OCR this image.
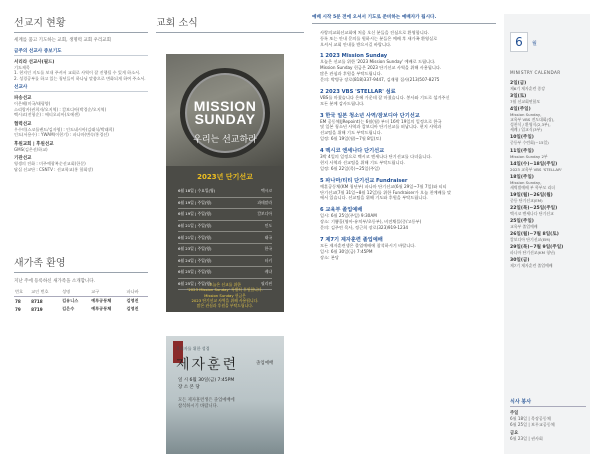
선교지 현황
세계를 품고 기도하는 교회, 생명력 교회 우리교회
금주의 선교사 중보기도
서리라 선교사(필드)
기도제목
1. 현지인 지도를 보내 주셔서 교회로 사역이 잘 진행될 수 있게 하소서.
2. 성경공부를 하고 있는 청년들이 하나님 말씀으로 변화되게 하여 주소서.
선교사
파송선교
이은혜(미국/태평양)
스리랑카(권희자/오지역) : 캄보디아(박경순/오지역)
멕시코(전형순) : 에티오피아(오에센)
협력선교
우수미(스코틀랜드/김자영) : 인도네시아(김래식/박래희)
인도(서용수) : YWAM(이현기) : 파나마(변숙/홍경선)
후원교회 | 후원선교
GMS(김은선/하교)
기관선교
영생의 전화 : 미주예광복순선교회(한문)
답십 선교단 : CSNTV : 선교학교(홍 합회장)
새가족 환영
지난 주에 등록하신 새가족을 소개합니다.
번호	교인 번호	성명	교구	파나바
78	8718	김유니스	예루공동체	김영진
79	8719	김은수	예루공동체	김영진
교회 소식
MISSION
SUNDAY
우리는 선교하라
2023년 단기선교
6월 18일 | 수요일(영)	멕시코
6월 19일 | 주일(영)	과테말라
6월 19일 | 주일(영)	캄보디아
6월 21일 | 주일(영)	인도
6월 21일 | 주일(영)	태국
6월 23일 | 주일(영)	한국
6월 24일 | 주일(영)	터키
6월 25일 | 주일(영)	케냐
6월 25일 | 주일(영)	필리핀
오늘은 선교를 위한
'2023 Mission Sunday' 특별히 후원합니다.
Mission Sunday 헌금은
2023 단기선교 사역을 위해 사용됩니다.
많은 관심과 후원을 부탁드립니다.
목회자를 위한 성경
제자훈련	졸업예배
일 시 6월 30일(금) 7:45PM
장 소 본 당
모든 제자훈련생은 졸업예배에
참석하시기 바랍니다.
예배 시작 5분 전에 오셔서 기도로 준비하는 예배자가 됩시다.
사랑의교회선교회에 처음 오신 분들을 진심으로 환영합니다.
등록 또는 안내 문의를 원하시는 분들은 예배 후 새가족 환영실로
오셔서 교회 안내를 받으시길 바랍니다.
1 2023 Mission Sunday
오늘은 선교를 위한 '2023 Mission Sunday' 예배로 드립니다.
Mission Sunday 헌금은 2023 단기선교 사역을 위해 사용됩니다.
많은 관심과 후원을 부탁드립니다.
문의: 박병규 장로(818)337-9447, 김재형 집사(213)507-8275
2 2023 VBS 'STELLAR' 섬료
VBS를 마쳤습니다 은혜 가운데 잘 마쳤습니다. 봉사와 기도로 섬겨주신
모든 분께 감사드립니다.
3 한국 일본 청소년 사역/잠보디아 단기선교
EM 공동체(JRepoint)는 6월(월) 부터 16박 19일의 일정으로 한국
및 일본 청소년 사역과 캄보디아 단기선교를 떠납니다. 현지 사역과
선교팀을 위해 기도 부탁드립니다.
일정: 6월 19일(월)~7월 8일(토)
4 멕시코 엔세나다 단기선교
3박 4일의 일정으로 멕시코 엔세나다 단기선교를 다녀옵니다.
현지 사역과 선교팀을 위해 기도 부탁드립니다.
일정: 6월 22일(목)~25일(주일)
5 파나마/티티 단기선교 Fundraiser
예훈공동체(KM 청년부) 파나마 단기선교(6월 29일~7월 7일)와 티티
단기선교(7월 31일~8월 12일)를 위한 Fundraiser가 오늘 친예배를 맞
에서 있습니다. 선교팀을 위해 기도와 후원을 부탁드립니다.
6 교육부 졸업예배
일시: 6월 25일(주일) 9:30AM
장소: 기쁨홀(영아-유치부/초등부), 비전채플(중/고등부)
문의: 김주연 목사, 정근희 장로(323)919-1234
7 제7기 제자훈련 졸업예배
모든 제자훈련생은 졸업예배에 참석하시기 바랍니다.
일시: 6월 30일(금) 7:45PM
장소: 본당
6	월
MINISTRY CALENDAR
2일(금)
제6기 제자훈련 종강
3일(토)
7월 선교회연합모
4일(주일)
Mission Sunday,
교육부 VBS 전도대회(장),
성찬식 / 환영식(2,3부),
세례 / 입교식(3부)
10일(주일)
중등부 수련회(~15일)
11일(주일)
Mission Sunday 2부
14일(수)~18일(주일)
2023 교육부 VBS 'STELLAR'
18일(주일)
Mission Sunday,
새벽별예배 부 학부모 리더
19일(월)~26일(월)
중등 단기선교(EM)
22일(목)~25일(주일)
멕시코 엔세나다 단기선교
25일(주일)
교육부 졸업예배
26일(월)~7월 8일(토)
캄보디아 단기선교(EM)
29일(목)~7월 9일(주일)
파나마 단기선교(KM 청년)
30일(금)
제7기 제자훈련 졸업예배
식사 봉사
주일
6월 18일 | 목장공동체
6월 25일 | 보무교공동체
금요
6월 23일 | 권사회
